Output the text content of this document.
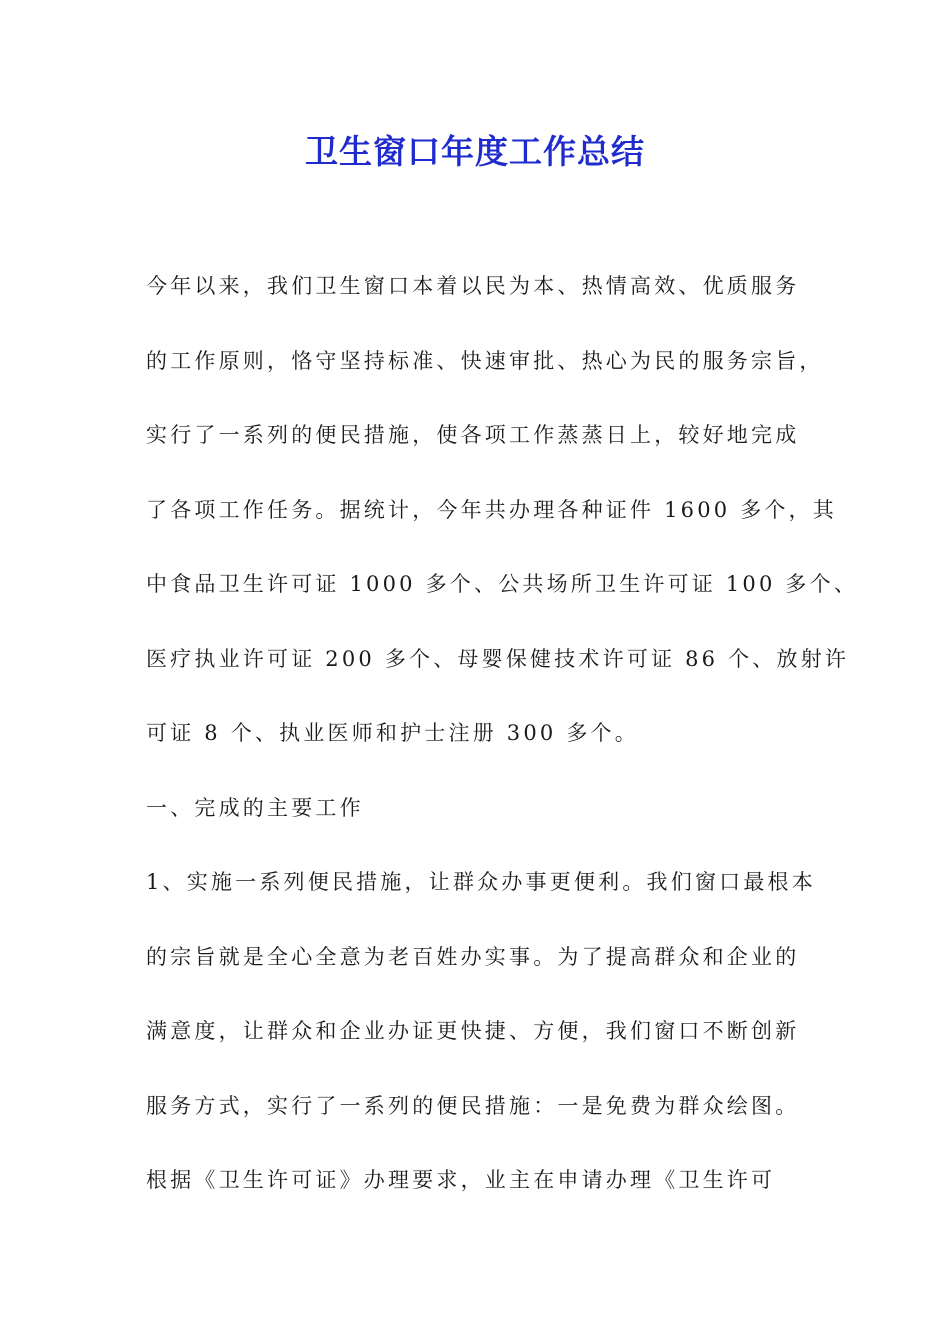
卫生窗口年度工作总结
今年以来，我们卫生窗口本着以民为本、热情高效、优质服务
的工作原则，恪守坚持标准、快速审批、热心为民的服务宗旨，
实行了一系列的便民措施，使各项工作蒸蒸日上，较好地完成
了各项工作任务。据统计，今年共办理各种证件 1600 多个，其
中食品卫生许可证 1000 多个、公共场所卫生许可证 100 多个、
医疗执业许可证 200 多个、母婴保健技术许可证 86 个、放射许
可证 8 个、执业医师和护士注册 300 多个。
一、完成的主要工作
1、实施一系列便民措施，让群众办事更便利。我们窗口最根本
的宗旨就是全心全意为老百姓办实事。为了提高群众和企业的
满意度，让群众和企业办证更快捷、方便，我们窗口不断创新
服务方式，实行了一系列的便民措施：一是免费为群众绘图。
根据《卫生许可证》办理要求，业主在申请办理《卫生许可
